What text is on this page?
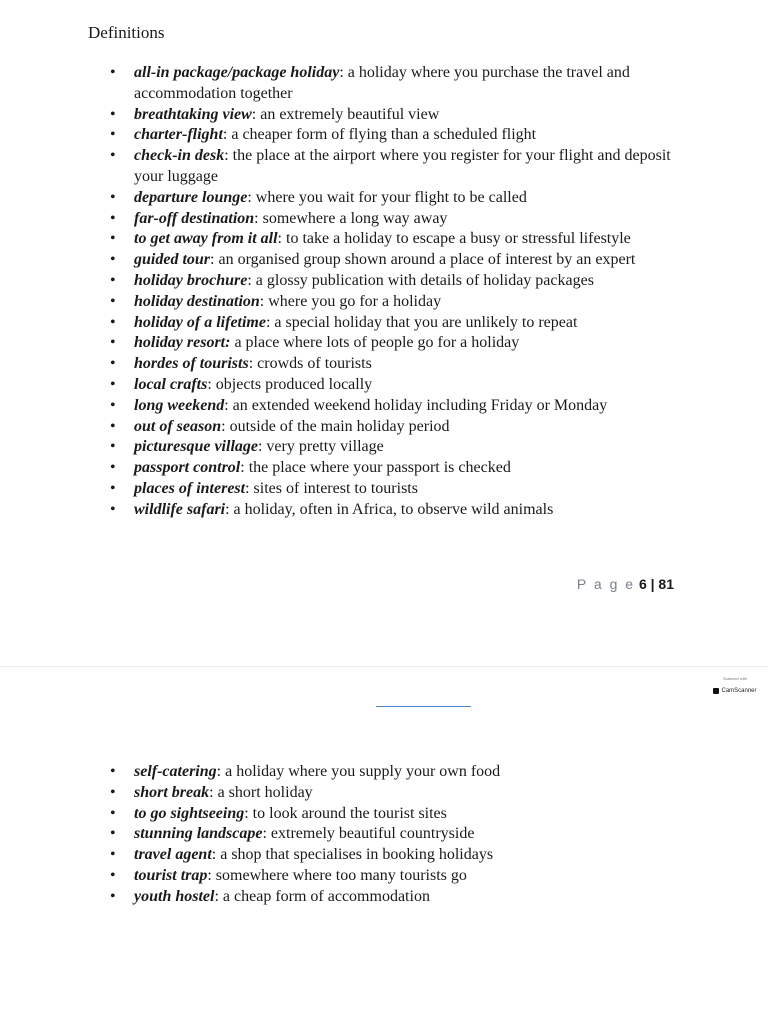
Definitions
• all-in package/package holiday: a holiday where you purchase the travel and accommodation together
• breathtaking view: an extremely beautiful view
• charter-flight: a cheaper form of flying than a scheduled flight
• check-in desk: the place at the airport where you register for your flight and deposit your luggage
• departure lounge: where you wait for your flight to be called
• far-off destination: somewhere a long way away
• to get away from it all: to take a holiday to escape a busy or stressful lifestyle
• guided tour: an organised group shown around a place of interest by an expert
• holiday brochure: a glossy publication with details of holiday packages
• holiday destination: where you go for a holiday
• holiday of a lifetime: a special holiday that you are unlikely to repeat
• holiday resort: a place where lots of people go for a holiday
• hordes of tourists: crowds of tourists
• local crafts: objects produced locally
• long weekend: an extended weekend holiday including Friday or Monday
• out of season: outside of the main holiday period
• picturesque village: very pretty village
• passport control: the place where your passport is checked
• places of interest: sites of interest to tourists
• wildlife safari: a holiday, often in Africa, to observe wild animals
P a g e 6 | 81
Scanned with
CamScanner
• self-catering: a holiday where you supply your own food
• short break: a short holiday
• to go sightseeing: to look around the tourist sites
• stunning landscape: extremely beautiful countryside
• travel agent: a shop that specialises in booking holidays
• tourist trap: somewhere where too many tourists go
• youth hostel: a cheap form of accommodation
